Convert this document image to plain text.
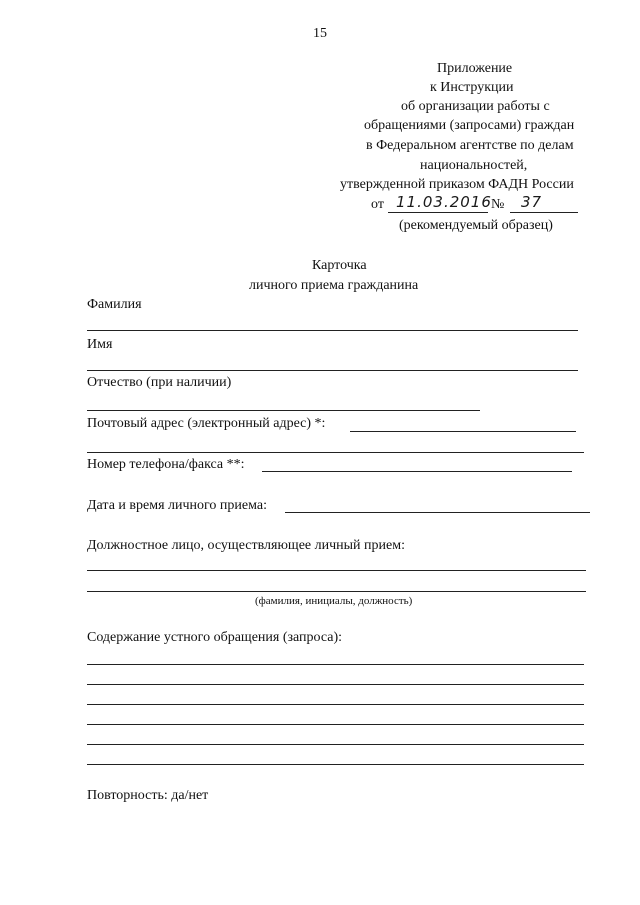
15
Приложение
к Инструкции
об организации работы с
обращениями (запросами) граждан
в Федеральном агентстве по делам
национальностей,
утвержденной приказом ФАДН России
от 11.03.2016 № 37
(рекомендуемый образец)
Карточка
личного приема гражданина
Фамилия
Имя
Отчество (при наличии)
Почтовый адрес (электронный адрес) *:
Номер телефона/факса **:
Дата и время личного приема:
Должностное лицо, осуществляющее личный прием:
(фамилия, инициалы, должность)
Содержание устного обращения (запроса):
Повторность: да/нет
